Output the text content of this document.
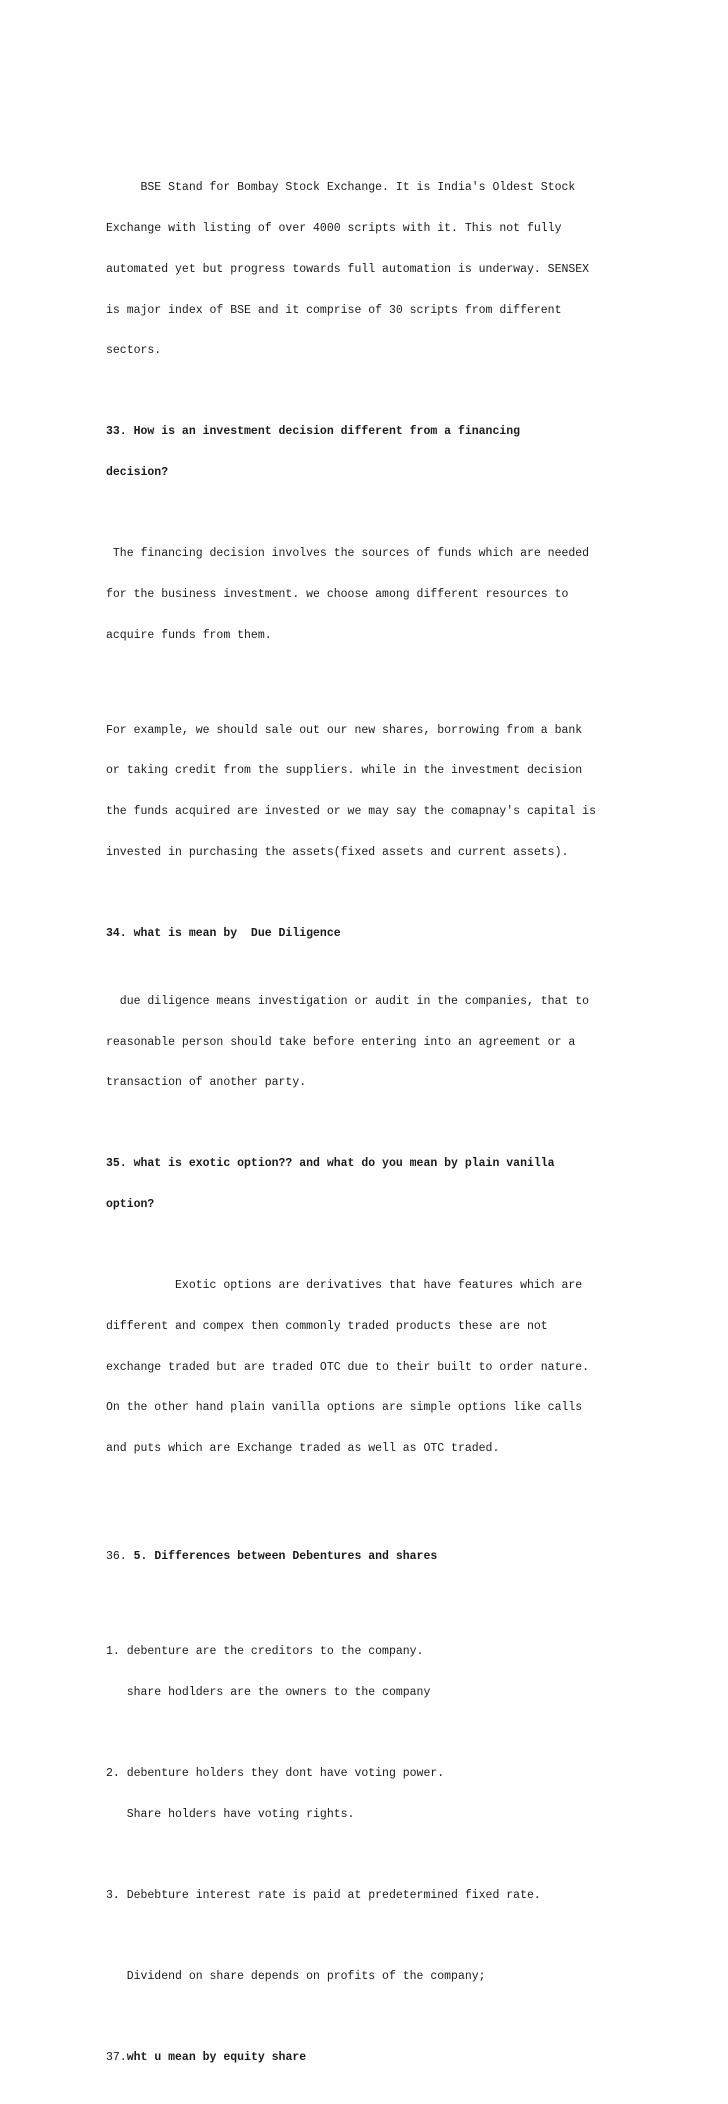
BSE Stand for Bombay Stock Exchange. It is India's Oldest Stock

Exchange with listing of over 4000 scripts with it. This not fully

automated yet but progress towards full automation is underway. SENSEX

is major index of BSE and it comprise of 30 scripts from different

sectors.

33. How is an investment decision different from a financing

decision?

The financing decision involves the sources of funds which are needed

for the business investment. we choose among different resources to

acquire funds from them.

For example, we should sale out our new shares, borrowing from a bank

or taking credit from the suppliers. while in the investment decision

the funds acquired are invested or we may say the comapnay's capital is

invested in purchasing the assets(fixed assets and current assets).

34. what is mean by  Due Diligence

due diligence means investigation or audit in the companies, that to

reasonable person should take before entering into an agreement or a

transaction of another party.

35. what is exotic option?? and what do you mean by plain vanilla

option?

Exotic options are derivatives that have features which are

different and compex then commonly traded products these are not

exchange traded but are traded OTC due to their built to order nature.

On the other hand plain vanilla options are simple options like calls

and puts which are Exchange traded as well as OTC traded.

36. 5. Differences between Debentures and shares

1. debenture are the creditors to the company.

share hodlders are the owners to the company

2. debenture holders they dont have voting power.

Share holders have voting rights.

3. Debebture interest rate is paid at predetermined fixed rate.

Dividend on share depends on profits of the company;

37.wht u mean by equity share
